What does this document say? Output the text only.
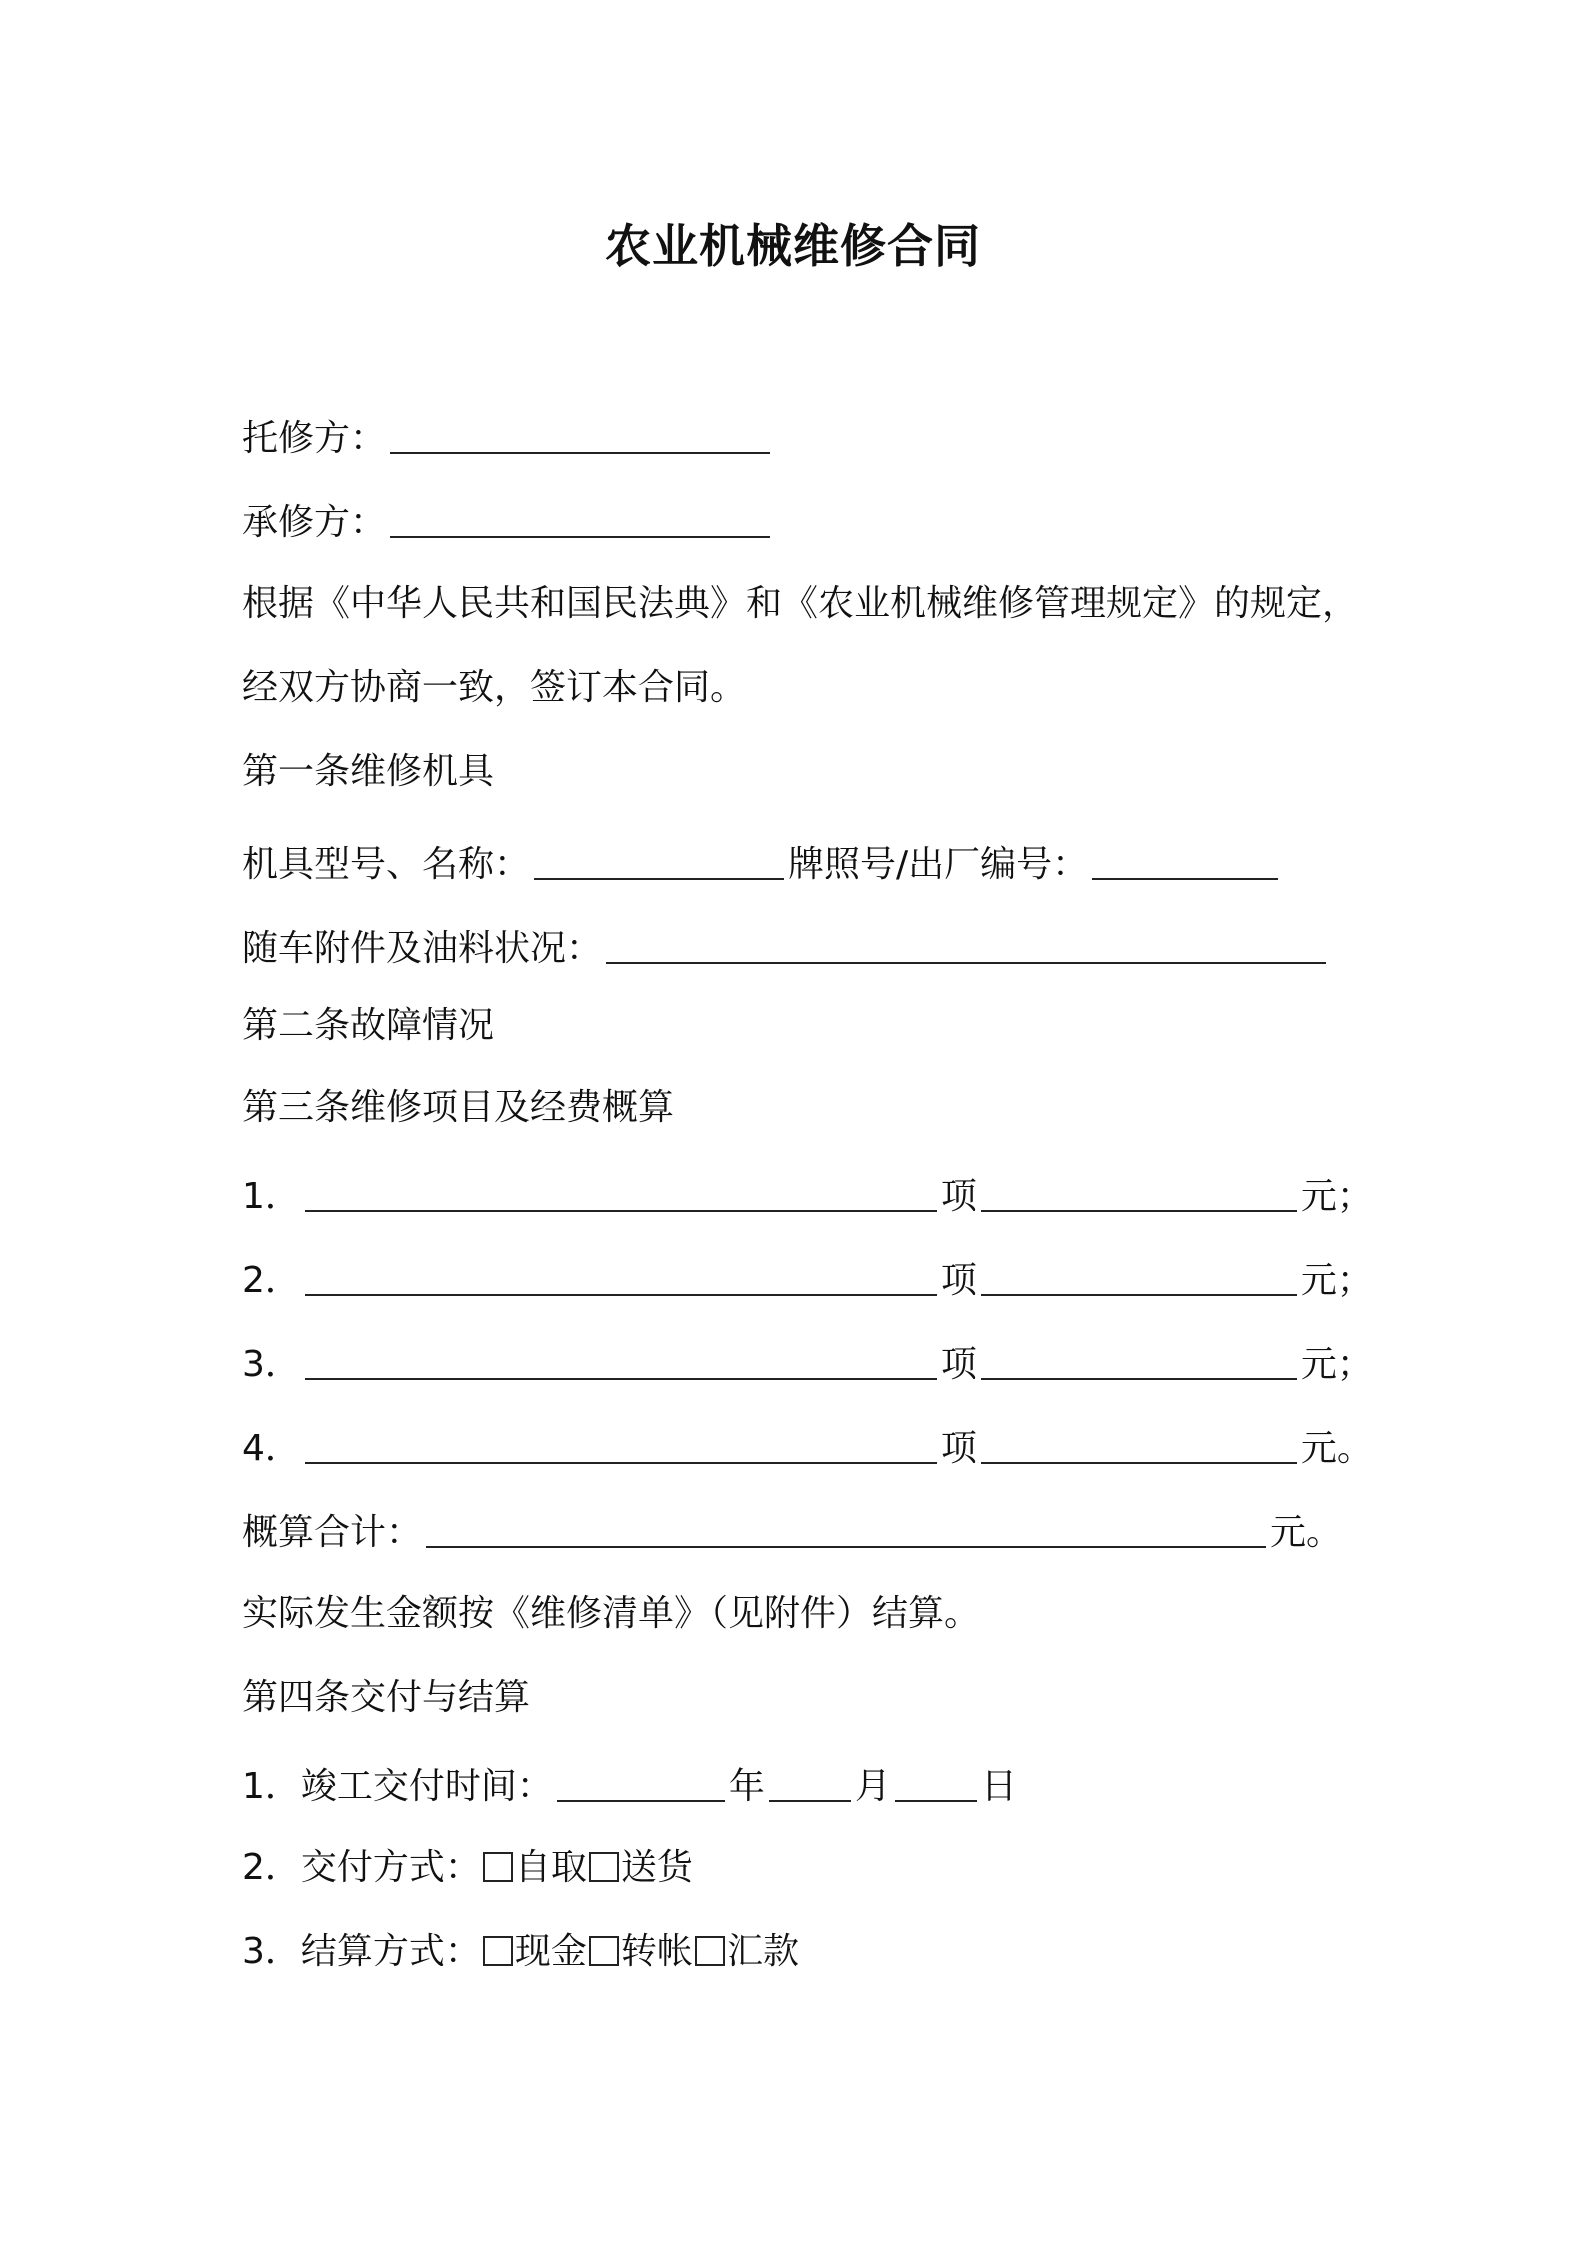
农业机械维修合同
托修方：
承修方：
根据《中华人民共和国民法典》和《农业机械维修管理规定》的规定，
经双方协商一致，签订本合同。
第一条维修机具
机具型号、名称：	牌照号/出厂编号：
随车附件及油料状况：
第二条故障情况
第三条维修项目及经费概算
1．	项	元；
2．	项	元；
3．	项	元；
4．	项	元。
概算合计：	元。
实际发生金额按《维修清单》（见附件）结算。
第四条交付与结算
1．竣工交付时间：	年	月	日
2．交付方式： 自取 送货
3．结算方式： 现金 转帐 汇款
